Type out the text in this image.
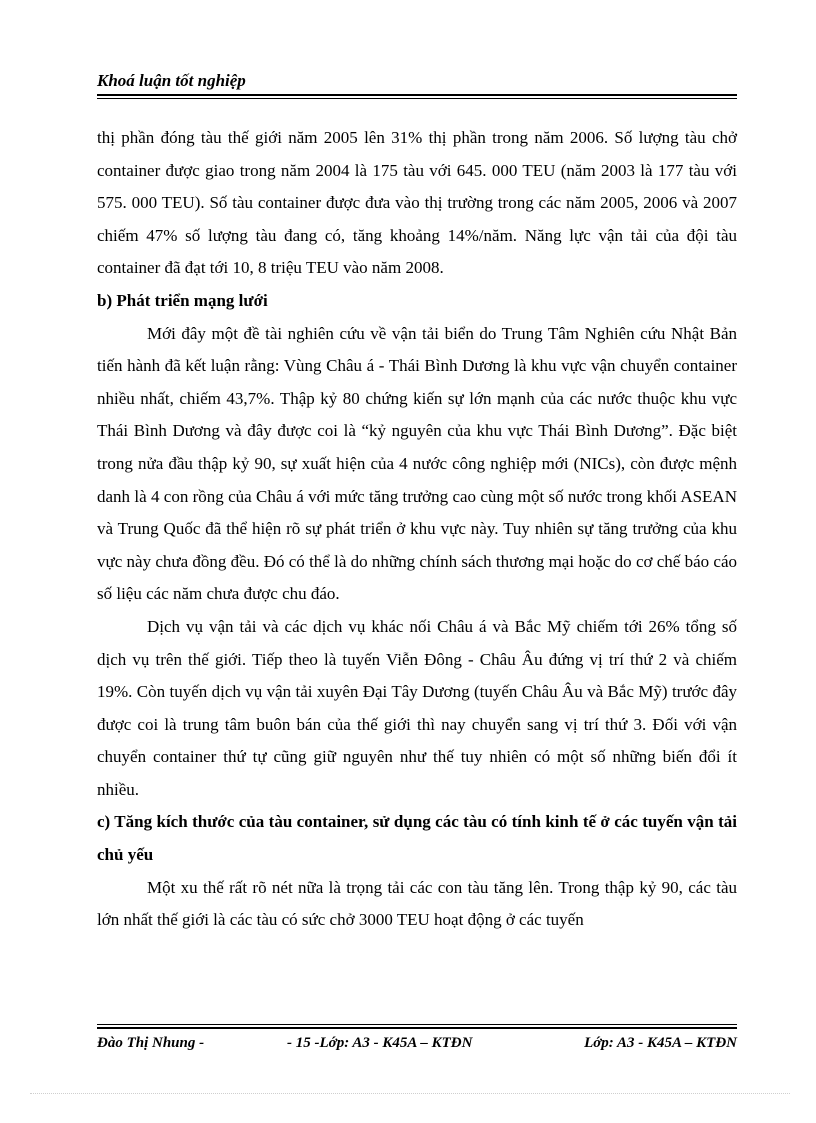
Khoá luận tốt nghiệp

thị phần đóng tàu thế giới năm 2005 lên 31% thị phần trong năm 2006. Số lượng tàu chở container được giao trong năm 2004 là 175 tàu với 645. 000 TEU (năm 2003 là 177 tàu với 575. 000 TEU). Số tàu container được đưa vào thị trường trong các năm 2005, 2006 và 2007 chiếm 47% số lượng tàu đang có, tăng khoảng 14%/năm. Năng lực vận tải của đội tàu container đã đạt tới 10, 8 triệu TEU vào năm 2008.

b) Phát triển mạng lưới

Mới đây một đề tài nghiên cứu về vận tải biển do Trung Tâm Nghiên cứu Nhật Bản tiến hành đã kết luận rằng: Vùng Châu á - Thái Bình Dương là khu vực vận chuyển container nhiều nhất, chiếm 43,7%. Thập kỷ 80 chứng kiến sự lớn mạnh của các nước thuộc khu vực Thái Bình Dương và đây được coi là “kỷ nguyên của khu vực Thái Bình Dương”. Đặc biệt trong nửa đầu thập kỷ 90, sự xuất hiện của 4 nước công nghiệp mới (NICs), còn được mệnh danh là 4 con rồng của Châu á với mức tăng trưởng cao cùng một số nước trong khối ASEAN và Trung Quốc đã thể hiện rõ sự phát triển ở khu vực này. Tuy nhiên sự tăng trưởng của khu vực này chưa đồng đều. Đó có thể là do những chính sách thương mại hoặc do cơ chế báo cáo số liệu các năm chưa được chu đáo.

Dịch vụ vận tải và các dịch vụ khác nối Châu á và Bắc Mỹ chiếm tới 26% tổng số dịch vụ trên thế giới. Tiếp theo là tuyến Viễn Đông - Châu Âu đứng vị trí thứ 2 và chiếm 19%. Còn tuyến dịch vụ vận tải xuyên Đại Tây Dương (tuyến Châu Âu và Bắc Mỹ) trước đây được coi là trung tâm buôn bán của thế giới thì nay chuyển sang vị trí thứ 3. Đối với vận chuyển container thứ tự cũng giữ nguyên như thế tuy nhiên có một số những biến đổi ít nhiều.

c) Tăng kích thước của tàu container, sử dụng các tàu có tính kinh tế ở các tuyến vận tải chủ yếu

Một xu thế rất rõ nét nữa là trọng tải các con tàu tăng lên. Trong thập kỷ 90, các tàu lớn nhất thế giới là các tàu có sức chở 3000 TEU hoạt động ở các tuyến

Đào Thị Nhung -	- 15 -Lớp: A3 - K45A – KTĐN	Lớp: A3 - K45A – KTĐN
